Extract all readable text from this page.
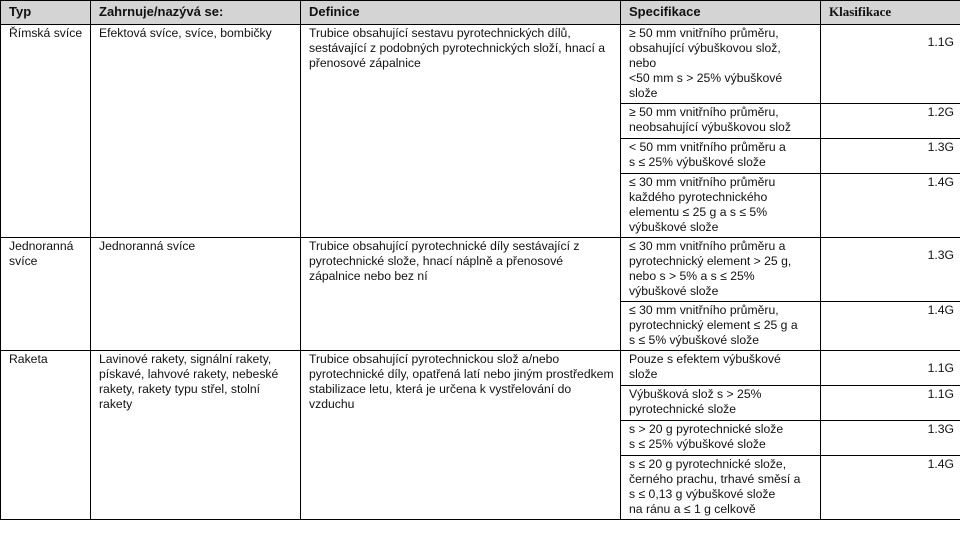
Typ	Zahrnuje/nazývá se:	Definice	Specifikace	Klasifikace
Římská svíce	Efektová svíce, svíce, bombičky	Trubice obsahující sestavu pyrotechnických dílů, sestávající z podobných pyrotechnických složí, hnací a přenosové zápalnice	≥ 50 mm vnitřního průměru,
obsahující výbuškovou slož,
nebo
<50 mm s > 25% výbuškové
slože	1.1G
			≥ 50 mm vnitřního průměru,
neobsahující výbuškovou slož	1.2G
			< 50 mm vnitřního průměru a
s ≤ 25% výbuškové slože	1.3G
			≤ 30 mm vnitřního průměru
každého pyrotechnického
elementu ≤ 25 g a s ≤ 5%
výbuškové slože	1.4G
Jednoranná
svíce	Jednoranná svíce	Trubice obsahující pyrotechnické díly sestávající z pyrotechnické slože, hnací náplně a přenosové zápalnice nebo bez ní	≤ 30 mm vnitřního průměru a
pyrotechnický element > 25 g,
nebo s > 5% a s ≤ 25%
výbuškové slože	1.3G
			≤ 30 mm vnitřního průměru,
pyrotechnický element ≤ 25 g a
s ≤ 5% výbuškové slože	1.4G
Raketa	Lavinové rakety, signální rakety, pískavé, lahvové rakety, nebeské rakety, rakety typu střel, stolní rakety	Trubice obsahující pyrotechnickou slož a/nebo pyrotechnické díly, opatřená latí nebo jiným prostředkem stabilizace letu, která je určena k vystřelování do vzduchu	Pouze s efektem výbuškové
slože	1.1G
			Výbušková slož s > 25%
pyrotechnické slože	1.1G
			s > 20 g pyrotechnické slože
s ≤ 25% výbuškové slože	1.3G
			s ≤ 20 g pyrotechnické slože,
černého prachu, trhavé směsí a
s ≤ 0,13 g výbuškové slože
na ránu a ≤ 1 g celkově	1.4G
